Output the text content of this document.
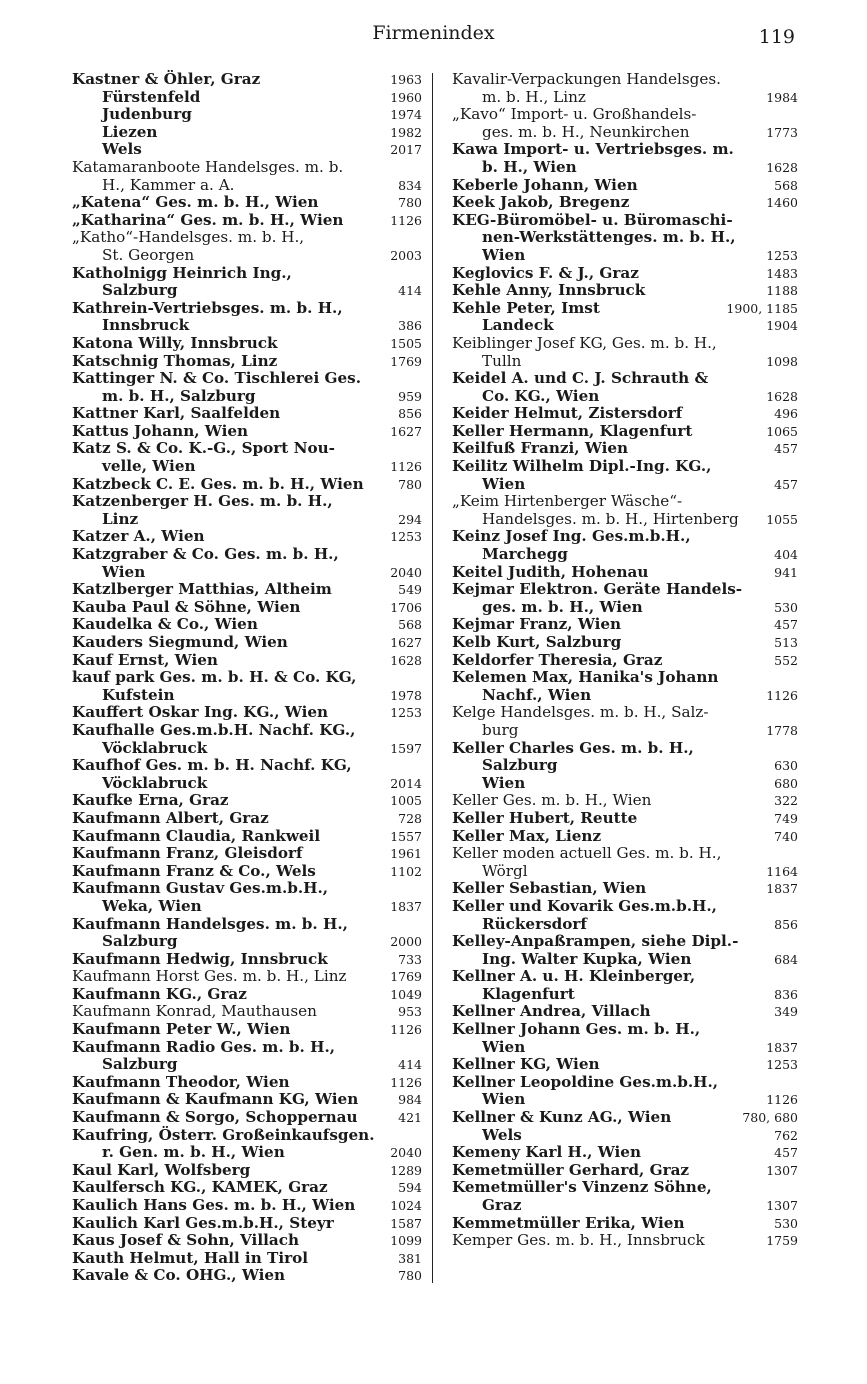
Firmenindex	119
Kastner & Öhler, Graz	1963
Fürstenfeld	1960
Judenburg	1974
Liezen	1982
Wels	2017
Katamaranboote Handelsges. m. b.
H., Kammer a. A.	834
„Katena“ Ges. m. b. H., Wien	780
„Katharina“ Ges. m. b. H., Wien	1126
„Katho“-Handelsges. m. b. H.,
St. Georgen	2003
Katholnigg Heinrich Ing.,
Salzburg	414
Kathrein-Vertriebsges. m. b. H.,
Innsbruck	386
Katona Willy, Innsbruck	1505
Katschnig Thomas, Linz	1769
Kattinger N. & Co. Tischlerei Ges.
m. b. H., Salzburg	959
Kattner Karl, Saalfelden	856
Kattus Johann, Wien	1627
Katz S. & Co. K.-G., Sport Nou-
velle, Wien	1126
Katzbeck C. E. Ges. m. b. H., Wien	780
Katzenberger H. Ges. m. b. H.,
Linz	294
Katzer A., Wien	1253
Katzgraber & Co. Ges. m. b. H.,
Wien	2040
Katzlberger Matthias, Altheim	549
Kauba Paul & Söhne, Wien	1706
Kaudelka & Co., Wien	568
Kauders Siegmund, Wien	1627
Kauf Ernst, Wien	1628
kauf park Ges. m. b. H. & Co. KG,
Kufstein	1978
Kauffert Oskar Ing. KG., Wien	1253
Kaufhalle Ges.m.b.H. Nachf. KG.,
Vöcklabruck	1597
Kaufhof Ges. m. b. H. Nachf. KG,
Vöcklabruck	2014
Kaufke Erna, Graz	1005
Kaufmann Albert, Graz	728
Kaufmann Claudia, Rankweil	1557
Kaufmann Franz, Gleisdorf	1961
Kaufmann Franz & Co., Wels	1102
Kaufmann Gustav Ges.m.b.H.,
Weka, Wien	1837
Kaufmann Handelsges. m. b. H.,
Salzburg	2000
Kaufmann Hedwig, Innsbruck	733
Kaufmann Horst Ges. m. b. H., Linz	1769
Kaufmann KG., Graz	1049
Kaufmann Konrad, Mauthausen	953
Kaufmann Peter W., Wien	1126
Kaufmann Radio Ges. m. b. H.,
Salzburg	414
Kaufmann Theodor, Wien	1126
Kaufmann & Kaufmann KG, Wien	984
Kaufmann & Sorgo, Schoppernau	421
Kaufring, Österr. Großeinkaufsgen.
r. Gen. m. b. H., Wien	2040
Kaul Karl, Wolfsberg	1289
Kaulfersch KG., KAMEK, Graz	594
Kaulich Hans Ges. m. b. H., Wien	1024
Kaulich Karl Ges.m.b.H., Steyr	1587
Kaus Josef & Sohn, Villach	1099
Kauth Helmut, Hall in Tirol	381
Kavale & Co. OHG., Wien	780
Kavalir-Verpackungen Handelsges.
m. b. H., Linz	1984
„Kavo“ Import- u. Großhandels-
ges. m. b. H., Neunkirchen	1773
Kawa Import- u. Vertriebsges. m.
b. H., Wien	1628
Keberle Johann, Wien	568
Keek Jakob, Bregenz	1460
KEG-Büromöbel- u. Büromaschi-
nen-Werkstättenges. m. b. H.,
Wien	1253
Keglovics F. & J., Graz	1483
Kehle Anny, Innsbruck	1188
Kehle Peter, Imst	1900, 1185
Landeck	1904
Keiblinger Josef KG, Ges. m. b. H.,
Tulln	1098
Keidel A. und C. J. Schrauth &
Co. KG., Wien	1628
Keider Helmut, Zistersdorf	496
Keller Hermann, Klagenfurt	1065
Keilfuß Franzi, Wien	457
Keilitz Wilhelm Dipl.-Ing. KG.,
Wien	457
„Keim Hirtenberger Wäsche“-
Handelsges. m. b. H., Hirtenberg	1055
Keinz Josef Ing. Ges.m.b.H.,
Marchegg	404
Keitel Judith, Hohenau	941
Kejmar Elektron. Geräte Handels-
ges. m. b. H., Wien	530
Kejmar Franz, Wien	457
Kelb Kurt, Salzburg	513
Keldorfer Theresia, Graz	552
Kelemen Max, Hanika's Johann
Nachf., Wien	1126
Kelge Handelsges. m. b. H., Salz-
burg	1778
Keller Charles Ges. m. b. H.,
Salzburg	630
Wien	680
Keller Ges. m. b. H., Wien	322
Keller Hubert, Reutte	749
Keller Max, Lienz	740
Keller moden actuell Ges. m. b. H.,
Wörgl	1164
Keller Sebastian, Wien	1837
Keller und Kovarik Ges.m.b.H.,
Rückersdorf	856
Kelley-Anpaßrampen, siehe Dipl.-
Ing. Walter Kupka, Wien	684
Kellner A. u. H. Kleinberger,
Klagenfurt	836
Kellner Andrea, Villach	349
Kellner Johann Ges. m. b. H.,
Wien	1837
Kellner KG, Wien	1253
Kellner Leopoldine Ges.m.b.H.,
Wien	1126
Kellner & Kunz AG., Wien	780, 680
Wels	762
Kemeny Karl H., Wien	457
Kemetmüller Gerhard, Graz	1307
Kemetmüller's Vinzenz Söhne,
Graz	1307
Kemmetmüller Erika, Wien	530
Kemper Ges. m. b. H., Innsbruck	1759
